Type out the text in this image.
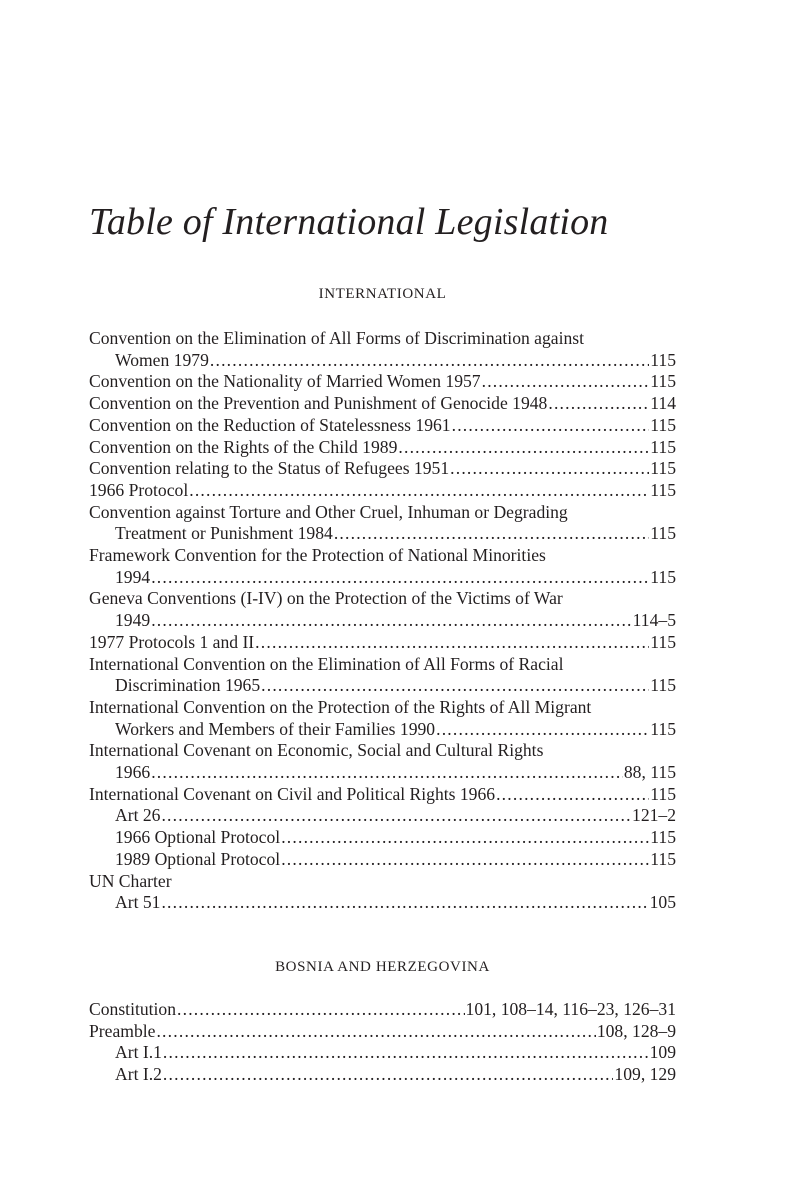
Table of International Legislation
INTERNATIONAL
Convention on the Elimination of All Forms of Discrimination against
Women 1979 .....	115
Convention on the Nationality of Married Women 1957 .....	115
Convention on the Prevention and Punishment of Genocide 1948 .....	114
Convention on the Reduction of Statelessness 1961 .....	115
Convention on the Rights of the Child 1989 .....	115
Convention relating to the Status of Refugees 1951 .....	115
1966 Protocol .....	115
Convention against Torture and Other Cruel, Inhuman or Degrading
Treatment or Punishment 1984 .....	115
Framework Convention for the Protection of National Minorities
1994 .....	115
Geneva Conventions (I-IV) on the Protection of the Victims of War
1949 .....	114–5
1977 Protocols 1 and II .....	115
International Convention on the Elimination of All Forms of Racial
Discrimination 1965 .....	115
International Convention on the Protection of the Rights of All Migrant
Workers and Members of their Families 1990 .....	115
International Covenant on Economic, Social and Cultural Rights
1966 .....	88, 115
International Covenant on Civil and Political Rights 1966 .....	115
Art 26 .....	121–2
1966 Optional Protocol .....	115
1989 Optional Protocol .....	115
UN Charter
Art 51 .....	105
BOSNIA AND HERZEGOVINA
Constitution .....	101, 108–14, 116–23, 126–31
Preamble .....	108, 128–9
Art I.1 .....	109
Art I.2 .....	109, 129
